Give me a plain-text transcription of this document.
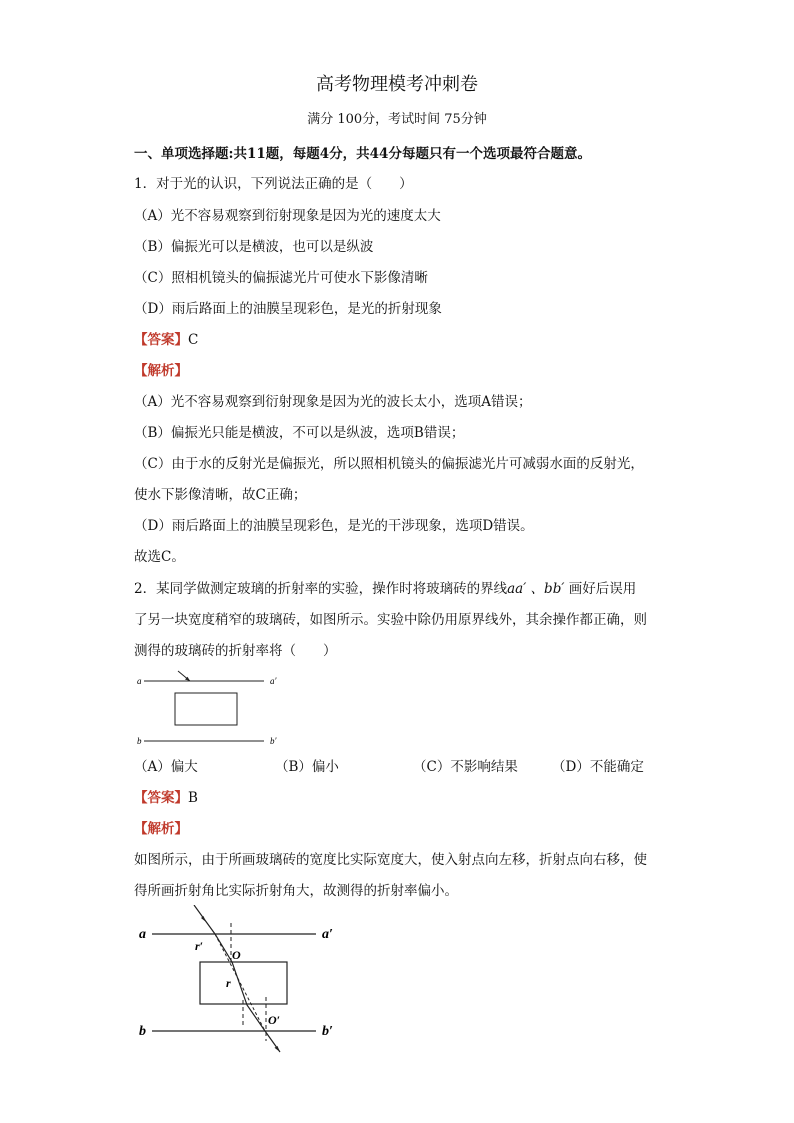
高考物理模考冲刺卷
满分 100分，考试时间 75分钟
一、单项选择题:共11题，每题4分，共44分每题只有一个选项最符合题意。
1．对于光的认识，下列说法正确的是（　　）
（A）光不容易观察到衍射现象是因为光的速度太大
（B）偏振光可以是横波，也可以是纵波
（C）照相机镜头的偏振滤光片可使水下影像清晰
（D）雨后路面上的油膜呈现彩色，是光的折射现象
【答案】C
【解析】
（A）光不容易观察到衍射现象是因为光的波长太小，选项A错误；
（B）偏振光只能是横波，不可以是纵波，选项B错误；
（C）由于水的反射光是偏振光，所以照相机镜头的偏振滤光片可减弱水面的反射光，
使水下影像清晰，故C正确；
（D）雨后路面上的油膜呈现彩色，是光的干涉现象，选项D错误。
故选C。
2．某同学做测定玻璃的折射率的实验，操作时将玻璃砖的界线aa′ 、bb′ 画好后误用
了另一块宽度稍窄的玻璃砖，如图所示。实验中除仍用原界线外，其余操作都正确，则
测得的玻璃砖的折射率将（　　）
a	a′
b	b′
（A）偏大	（B）偏小	（C）不影响结果	（D）不能确定
【答案】B
【解析】
如图所示，由于所画玻璃砖的宽度比实际宽度大，使入射点向左移，折射点向右移，使
得所画折射角比实际折射角大，故测得的折射率偏小。
a	a′
b	b′
r′
O
r
O′
